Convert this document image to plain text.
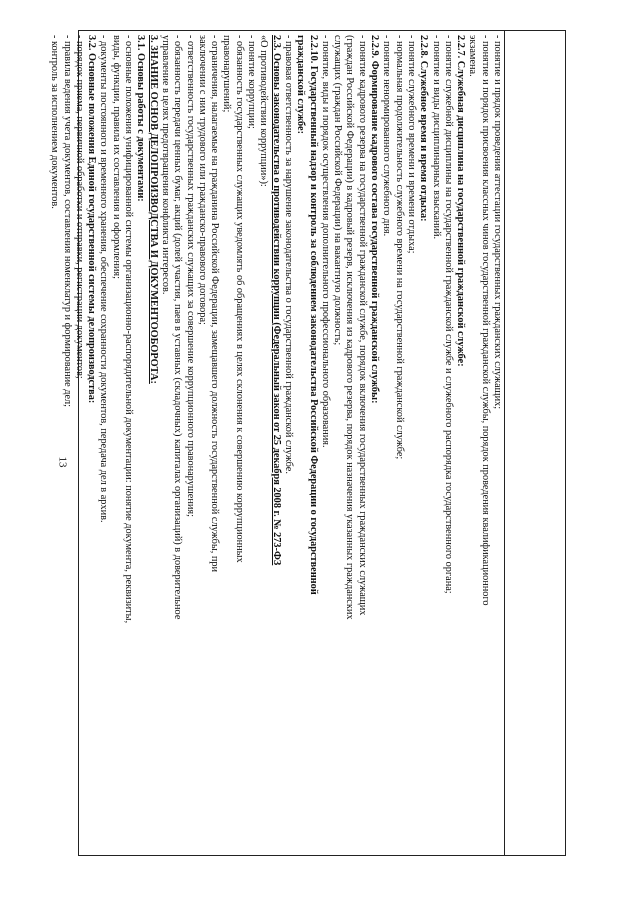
13
- понятие и прядок проведения аттестации государственных гражданских служащих;
- понятие и порядок присвоения классных чинов государственной гражданской службы, порядок проведения квалификационного
экзамена.
2.2.7. Служебная дисциплина на государственной гражданской службе:
- понятие служебной дисциплины на государственной гражданской службе и служебного распорядка государственного органа;
- понятие и виды дисциплинарных взысканий.
2.2.8. Служебное время и время отдыха:
- понятие служебного времени и времени отдыха;
- нормальная продолжительность служебного времени на государственной гражданской службе;
- понятие ненормированного служебного дня.
2.2.9. Формирование кадрового состава государственной гражданской службы:
- понятие кадрового резерва на государственной гражданской службе, порядок включения государственных гражданских служащих
(граждан Российской Федерации) в кадровый резерв, исключения из кадрового резерва, порядок назначения указанных гражданских
служащих (граждан Российской Федерации) на вакантную должность;
- понятие, виды и порядок осуществления дополнительного профессионального образования.
2.2.10. Государственный надзор и контроль за соблюдением законодательства Российской Федерации о государственной
гражданской службе:
- правовая ответственность за нарушение законодательства о государственной гражданской службе.
2.3. Основы законодательства о противодействии коррупции (Федеральный закон от 25 декабря 2008 г. № 273-ФЗ
«О противодействии коррупции»):
- понятие коррупции;
- обязанность государственных служащих уведомлять об обращениях в целях склонения к совершению коррупционных
правонарушений;
- ограничения, налагаемые на гражданина Российской Федерации, замещавшего должность государственной службы, при
заключении с ним трудового или гражданско-правового договора;
- ответственность государственных гражданских служащих за совершение коррупционного правонарушения;
- обязанность передачи ценных бумаг, акций (долей участия, паев в уставных (складочных) капиталах организаций) в доверительное
управление в целях предотвращения конфликта интересов.
3. ЗНАНИЕ ОСНОВ ДЕЛОПРОИЗВОДСТВА И ДОКУМЕНТООБОРОТА:
3.1. Основы работы с документами:
- основные положения унифицированной системы организационно-распорядительной документации: понятие документа, реквизиты,
виды, функции, правила их составления и оформления;
- документы постоянного и временного хранения, обеспечение сохранности документов, передача дел в архив.
3.2. Основные положения Единой государственной системы делопроизводства:
- порядок приема, первичной обработки и отправки, регистрации документов;
- правила ведения учета документов, составления номенклатур и формирование дел;
- контроль за исполнением документов.
